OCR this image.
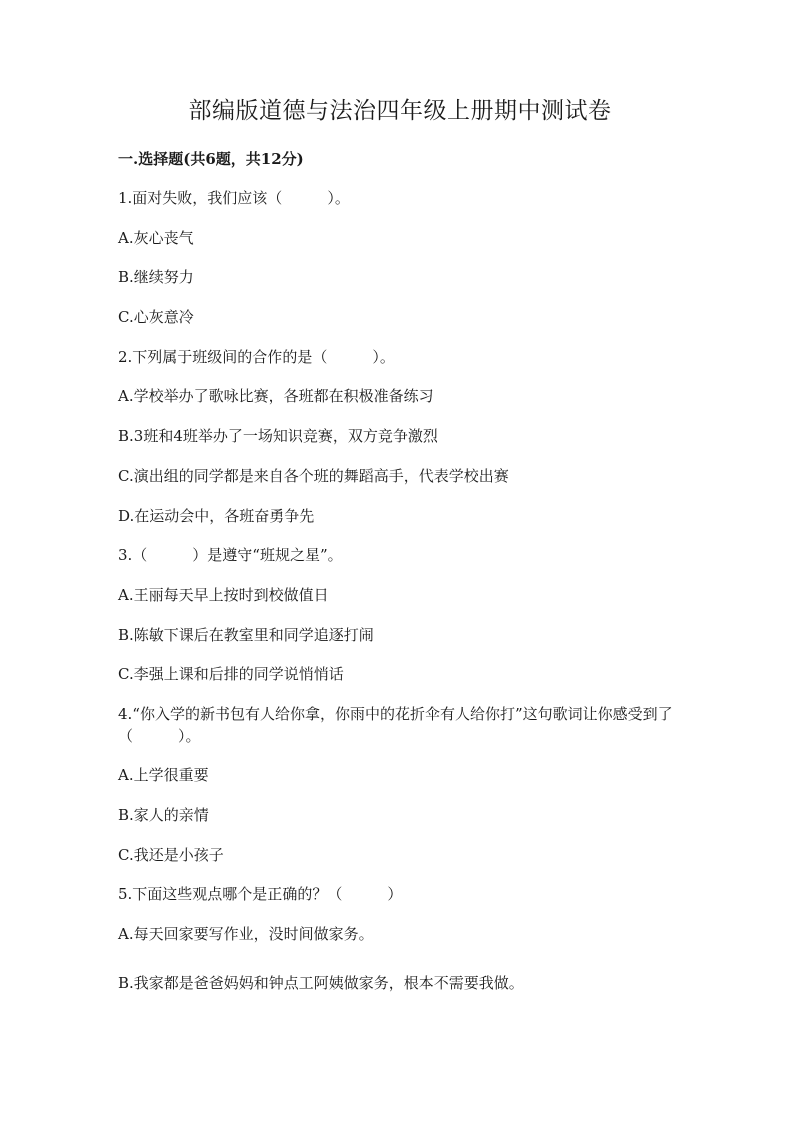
部编版道德与法治四年级上册期中测试卷

一.选择题(共6题，共12分)

1.面对失败，我们应该（　　　）。

A.灰心丧气

B.继续努力

C.心灰意冷

2.下列属于班级间的合作的是（　　　）。

A.学校举办了歌咏比赛，各班都在积极准备练习

B.3班和4班举办了一场知识竞赛，双方竞争激烈

C.演出组的同学都是来自各个班的舞蹈高手，代表学校出赛

D.在运动会中，各班奋勇争先

3.（　　　）是遵守“班规之星”。

A.王丽每天早上按时到校做值日

B.陈敏下课后在教室里和同学追逐打闹

C.李强上课和后排的同学说悄悄话

4.“你入学的新书包有人给你拿，你雨中的花折伞有人给你打”这句歌词让你感受到了（　　　）。

A.上学很重要

B.家人的亲情

C.我还是小孩子

5.下面这些观点哪个是正确的？（　　　）

A.每天回家要写作业，没时间做家务。

B.我家都是爸爸妈妈和钟点工阿姨做家务，根本不需要我做。
